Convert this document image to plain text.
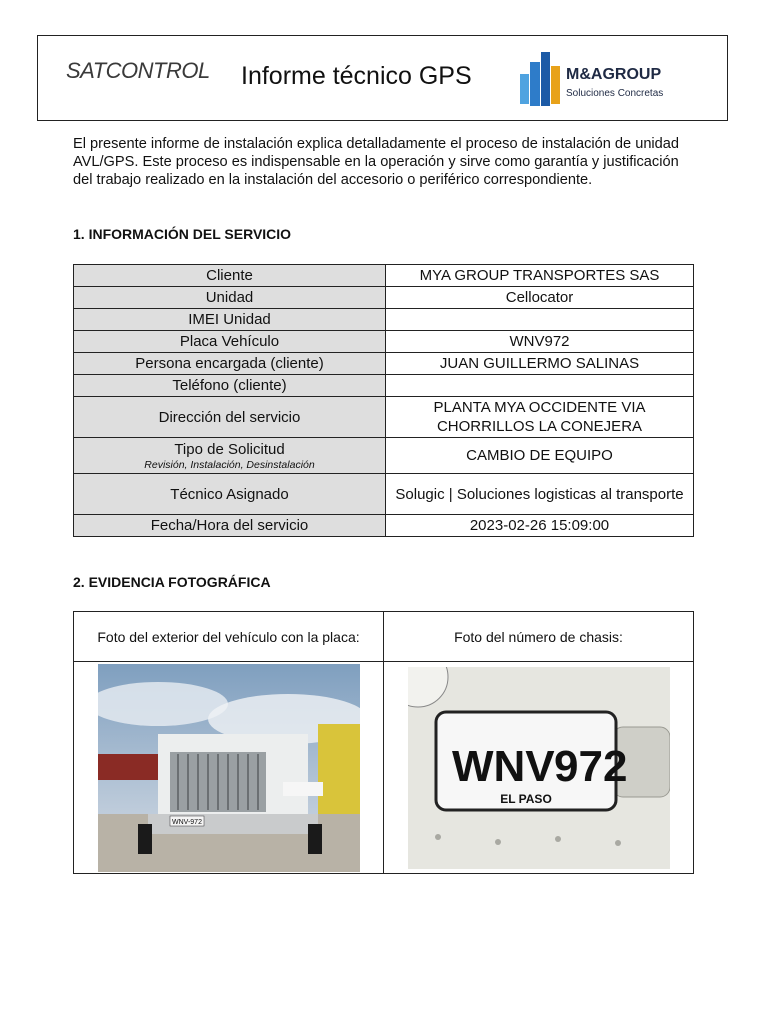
SATCONTROL Informe técnico GPS	M&AGROUP
Soluciones Concretas
El presente informe de instalación explica detalladamente el proceso de instalación de unidad AVL/GPS. Este proceso es indispensable en la operación y sirve como garantía y justificación del trabajo realizado en la instalación del accesorio o periférico correspondiente.
1. INFORMACIÓN DEL SERVICIO
Cliente	MYA GROUP TRANSPORTES SAS
Unidad	Cellocator
IMEI Unidad	
Placa Vehículo	WNV972
Persona encargada (cliente)	JUAN GUILLERMO SALINAS
Teléfono (cliente)	
Dirección del servicio	PLANTA MYA OCCIDENTE VIA CHORRILLOS LA CONEJERA
Tipo de Solicitud
Revisión, Instalación, Desinstalación	CAMBIO DE EQUIPO
Técnico Asignado	Solugic | Soluciones logisticas al transporte
Fecha/Hora del servicio	2023-02-26 15:09:00
2. EVIDENCIA FOTOGRÁFICA
Foto del exterior del vehículo con la placa:	Foto del número de chasis:

WNV-972	WNV 972
EL PASO
